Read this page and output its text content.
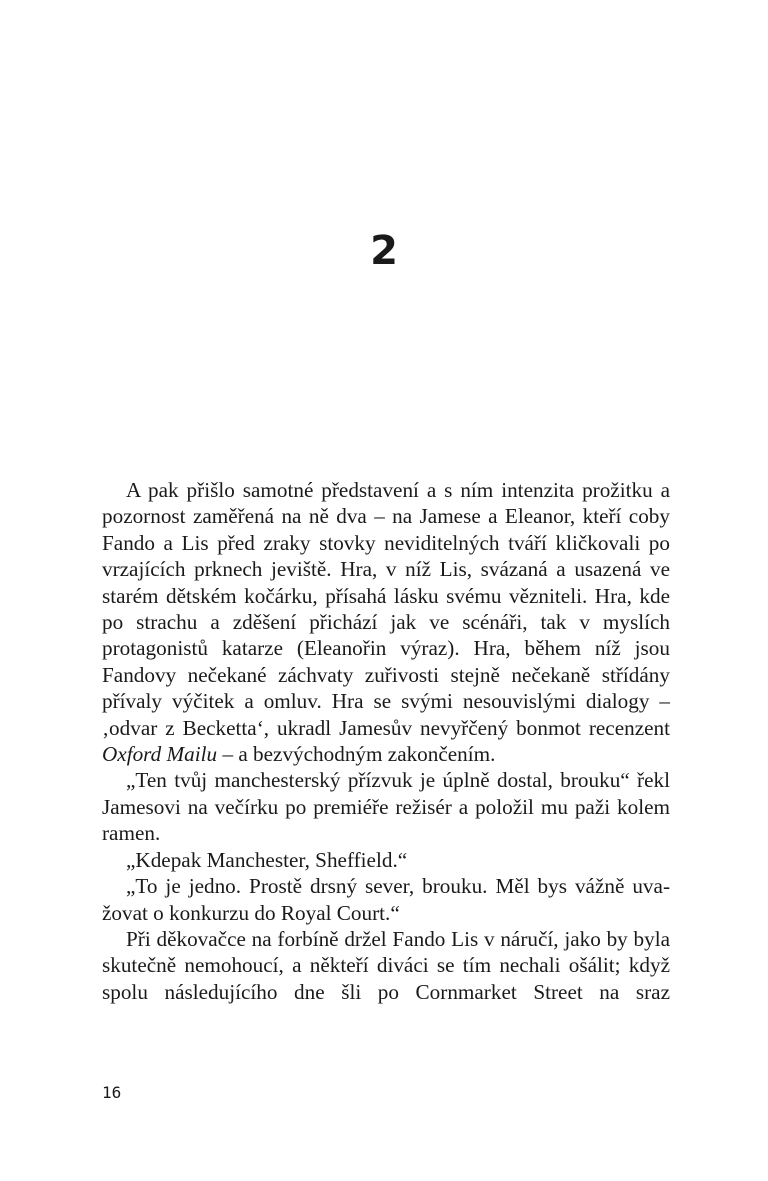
2

A pak přišlo samotné představení a s ním intenzita prožitku a pozornost zaměřená na ně dva – na Jamese a Eleanor, kteří coby Fando a Lis před zraky stovky neviditelných tváří kličkovali po vrzajících prknech jeviště. Hra, v níž Lis, svázaná a usazená ve starém dětském kočárku, přísahá lásku svému vězniteli. Hra, kde po strachu a zděšení přichází jak ve scénáři, tak v myslích protagonistů katarze (Eleanořin výraz). Hra, během níž jsou Fandovy nečekané záchvaty zuřivosti stejně nečekaně střídány přívaly výčitek a omluv. Hra se svými nesouvislými dialogy – ‚odvar z Becketta‘, ukradl Jamesův nevyřčený bonmot recenzent Oxford Mailu – a bezvýchodným zakončením.

„Ten tvůj manchesterský přízvuk je úplně dostal, brouku“ řekl Jamesovi na večírku po premiéře režisér a položil mu paži kolem ramen.

„Kdepak Manchester, Sheffield.“

„To je jedno. Prostě drsný sever, brouku. Měl bys vážně uvažovat o konkurzu do Royal Court.“

Při děkovačce na forbíně držel Fando Lis v náručí, jako by byla skutečně nemohoucí, a někteří diváci se tím nechali ošálit; když spolu následujícího dne šli po Cornmarket Street na sraz

16
